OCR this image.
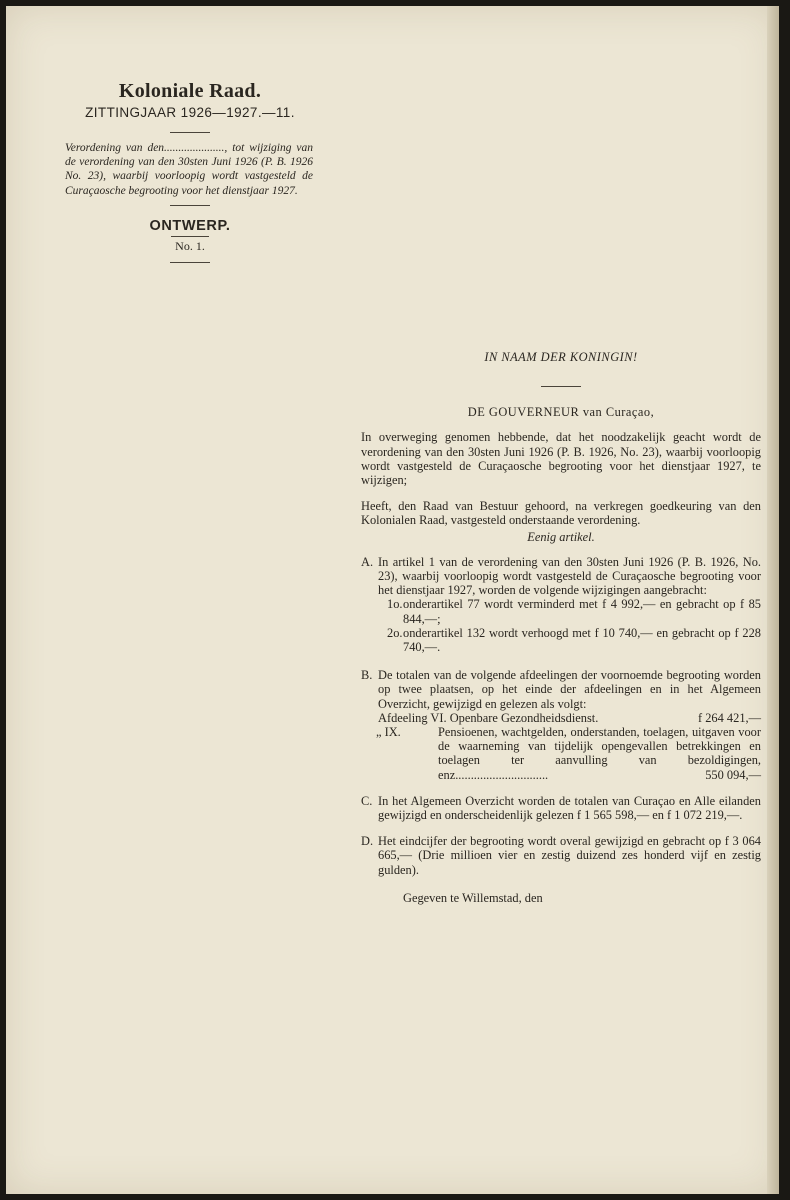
Koloniale Raad.
ZITTINGJAAR 1926—1927.—11.
Verordening van den....................., tot wijziging van de verordening van den 30sten Juni 1926 (P. B. 1926 No. 23), waarbij voorloopig wordt vastgesteld de Curaçaosche begrooting voor het dienstjaar 1927.
ONTWERP.
No. 1.
IN NAAM DER KONINGIN!
DE GOUVERNEUR van Curaçao,
In overweging genomen hebbende, dat het noodzakelijk geacht wordt de verordening van den 30sten Juni 1926 (P. B. 1926, No. 23), waarbij voorloopig wordt vastgesteld de Curaçaosche begrooting voor het dienstjaar 1927, te wijzigen;
Heeft, den Raad van Bestuur gehoord, na verkregen goedkeuring van den Kolonialen Raad, vastgesteld onderstaande verordening.
Eenig artikel.
A. In artikel 1 van de verordening van den 30sten Juni 1926 (P. B. 1926, No. 23), waarbij voorloopig wordt vastgesteld de Curaçaosche begrooting voor het dienstjaar 1927, worden de volgende wijzigingen aangebracht:
1o. onderartikel 77 wordt verminderd met f 4 992,— en gebracht op f 85 844,—;
2o. onderartikel 132 wordt verhoogd met f 10 740,— en gebracht op f 228 740,—.
B. De totalen van de volgende afdeelingen der voornoemde begrooting worden op twee plaatsen, op het einde der afdeelingen en in het Algemeen Overzicht, gewijzigd en gelezen als volgt:
Afdeeling VI. Openbare Gezondheidsdienst.	f 264 421,—
„ IX.	Pensioenen, wachtgelden, onderstanden, toelagen, uitgaven voor de waarneming van tijdelijk opengevallen betrekkingen en toelagen ter aanvulling van bezoldigingen, enz..............................	550 094,—
C. In het Algemeen Overzicht worden de totalen van Curaçao en Alle eilanden gewijzigd en onderscheidenlijk gelezen f 1 565 598,— en f 1 072 219,—.
D. Het eindcijfer der begrooting wordt overal gewijzigd en gebracht op f 3 064 665,— (Drie millioen vier en zestig duizend zes honderd vijf en zestig gulden).
Gegeven te Willemstad, den
